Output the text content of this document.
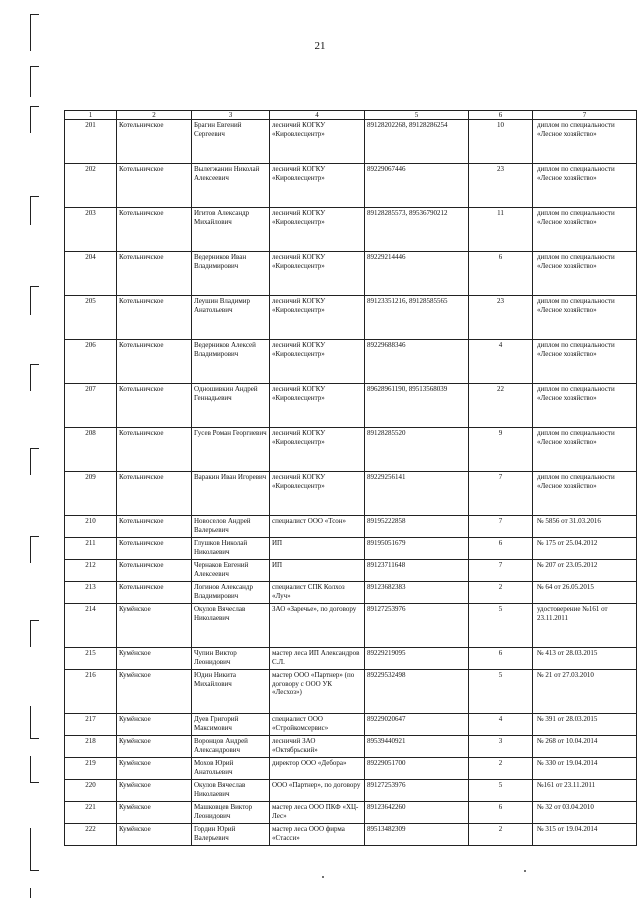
21
1	2	3	4	5	6	7
201	Котельничское	Брагин Евгений Сергеевич	лесничий КОГКУ «Кировлесцентр»	89128202268, 89128286254	10	диплом по специальности «Лесное хозяйство»
202	Котельничское	Вылегжанин Николай Алексеевич	лесничий КОГКУ «Кировлесцентр»	89229067446	23	диплом по специальности «Лесное хозяйство»
203	Котельничское	Игитов Александр Михайлович	лесничий КОГКУ «Кировлесцентр»	89128285573, 89536790212	11	диплом по специальности «Лесное хозяйство»
204	Котельничское	Ведерников Иван Владимирович	лесничий КОГКУ «Кировлесцентр»	89229214446	6	диплом по специальности «Лесное хозяйство»
205	Котельничское	Леушин Владимир Анатольевич	лесничий КОГКУ «Кировлесцентр»	89123351216, 89128585565	23	диплом по специальности «Лесное хозяйство»
206	Котельничское	Ведерников Алексей Владимирович	лесничий КОГКУ «Кировлесцентр»	89229688346	4	диплом по специальности «Лесное хозяйство»
207	Котельничское	Одношивкин Андрей Геннадьевич	лесничий КОГКУ «Кировлесцентр»	89628961190, 89513568039	22	диплом по специальности «Лесное хозяйство»
208	Котельничское	Гусев Роман Георгиевич	лесничий КОГКУ «Кировлесцентр»	89128285520	9	диплом по специальности «Лесное хозяйство»
209	Котельничское	Варакин Иван Игоревич	лесничий КОГКУ «Кировлесцентр»	89229256141	7	диплом по специальности «Лесное хозяйство»
210	Котельничское	Новоселов Андрей Валерьевич	специалист ООО «Тсон»	89195222858	7	№ 5856 от 31.03.2016
211	Котельничское	Глушков Николай Николаевич	ИП	89195051679	6	№ 175 от 25.04.2012
212	Котельничское	Чернаков Евгений Алексеевич	ИП	89123711648	7	№ 207 от 23.05.2012
213	Котельничское	Логинов Александр Владимирович	специалист СПК Колхоз «Луч»	89123682383	2	№ 64 от 26.05.2015
214	Кумёнское	Окулов Вячеслав Николаевич	ЗАО «Заречье», по договору	89127253976	5	удостоверение №161 от 23.11.2011
215	Кумёнское	Чупин Виктор Леонидович	мастер леса ИП Александров С.Л.	89229219095	6	№ 413 от 28.03.2015
216	Кумёнское	Юдин Никита Михайлович	мастер ООО «Партнер» (по договору с ООО УК «Лесхоз»)	89229532498	5	№ 21 от 27.03.2010
217	Кумёнское	Дуев Григорий Максимович	специалист ООО «Стройкомсервис»	89229020647	4	№ 391 от 28.03.2015
218	Кумёнское	Воронцов Андрей Александрович	лесничий ЗАО «Октябрьский»	89539440921	3	№ 268 от 10.04.2014
219	Кумёнское	Мохов Юрий Анатольевич	директор ООО «Дебора»	89229051700	2	№ 330 от 19.04.2014
220	Кумёнское	Окулов Вячеслав Николаевич	ООО «Партнер», по договору	89127253976	5	№161 от 23.11.2011
221	Кумёнское	Машковцев Виктор Леонидович	мастер леса ООО ПКФ «ХЦ-Лес»	89123642260	6	№ 32 от 03.04.2010
222	Кумёнское	Гордин Юрий Валерьевич	мастер леса ООО фирма «Стасси»	89513482309	2	№ 315 от 19.04.2014
